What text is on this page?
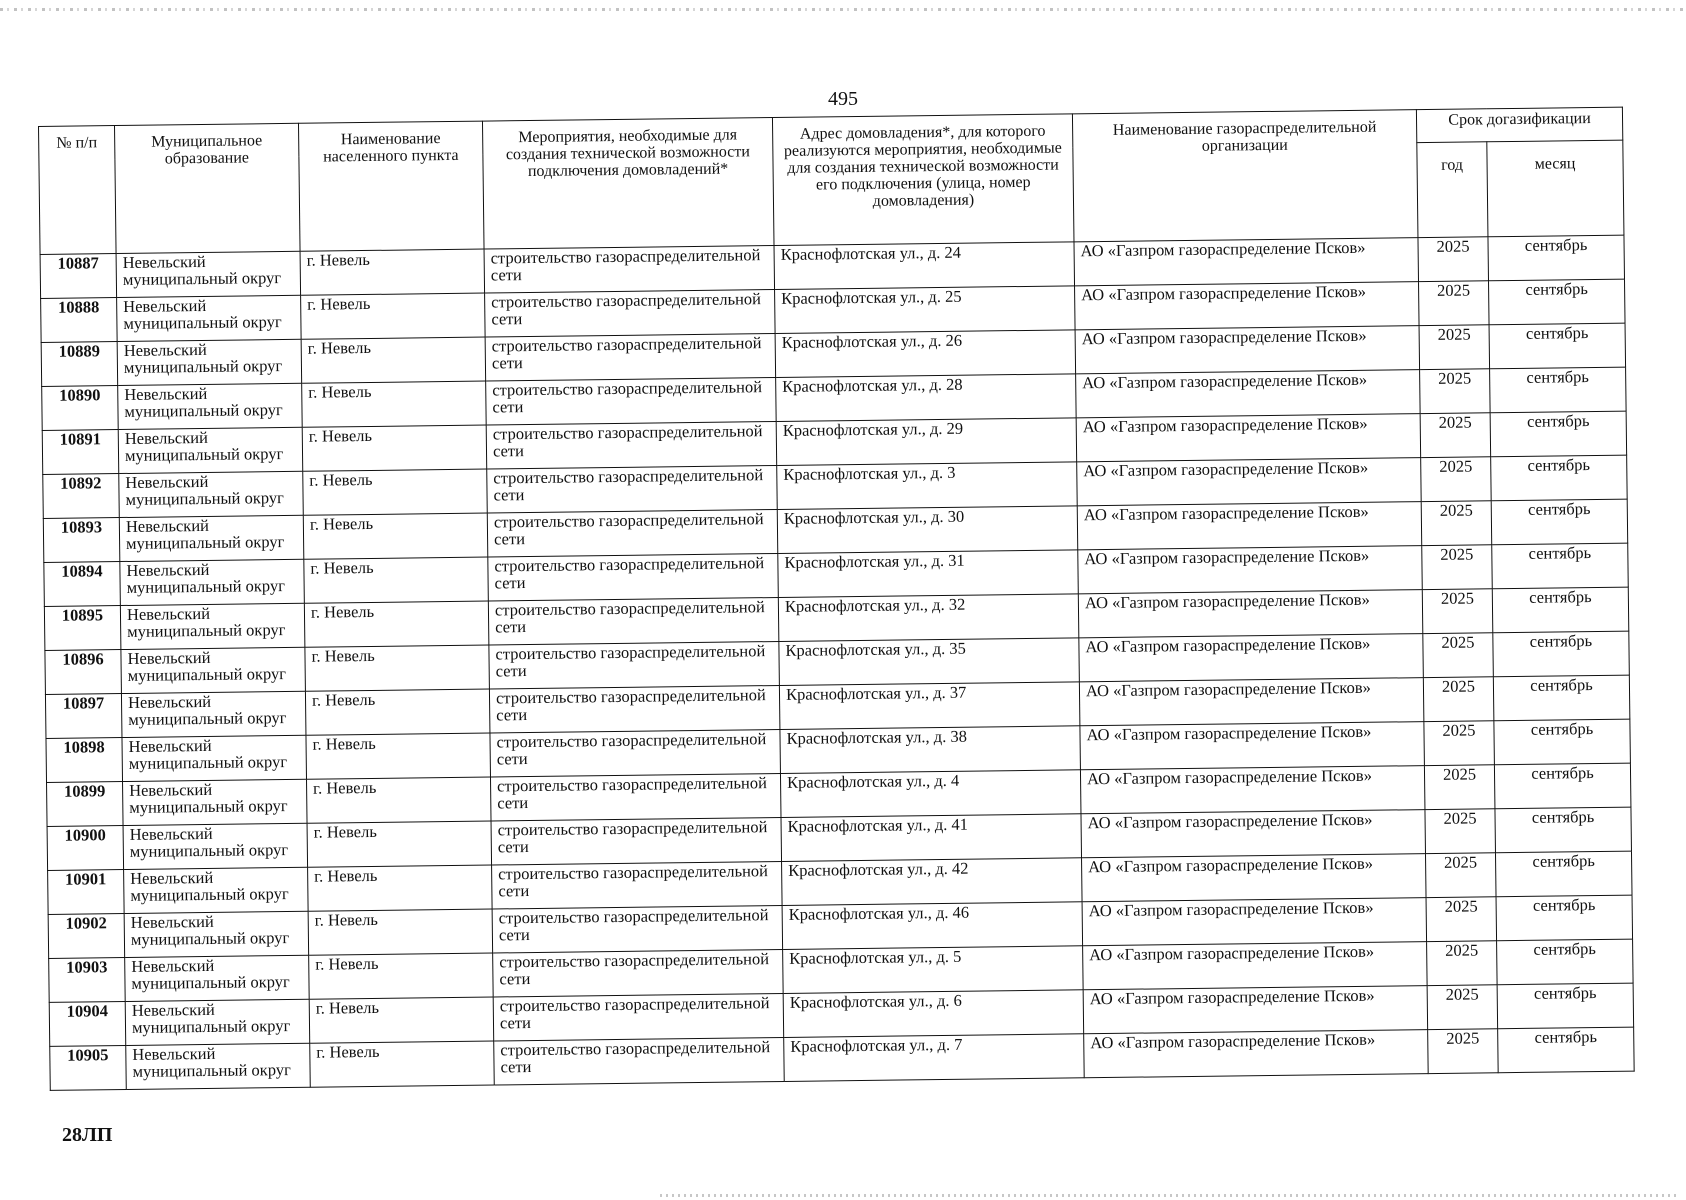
495
№ п/п	Муниципальное образование	Наименование населенного пункта	Мероприятия, необходимые для создания технической возможности подключения домовладений*	Адрес домовладения*, для которого реализуются мероприятия, необходимые для создания технической возможности его подключения (улица, номер домовладения)	Наименование газораспределительной организации	Срок догазификации	
						год	месяц
10887	Невельский муниципальный округ	г. Невель	строительство газораспределительной сети	Краснофлотская ул., д. 24	АО «Газпром газораспределение Псков»	2025	сентябрь
10888	Невельский муниципальный округ	г. Невель	строительство газораспределительной сети	Краснофлотская ул., д. 25	АО «Газпром газораспределение Псков»	2025	сентябрь
10889	Невельский муниципальный округ	г. Невель	строительство газораспределительной сети	Краснофлотская ул., д. 26	АО «Газпром газораспределение Псков»	2025	сентябрь
10890	Невельский муниципальный округ	г. Невель	строительство газораспределительной сети	Краснофлотская ул., д. 28	АО «Газпром газораспределение Псков»	2025	сентябрь
10891	Невельский муниципальный округ	г. Невель	строительство газораспределительной сети	Краснофлотская ул., д. 29	АО «Газпром газораспределение Псков»	2025	сентябрь
10892	Невельский муниципальный округ	г. Невель	строительство газораспределительной сети	Краснофлотская ул., д. 3	АО «Газпром газораспределение Псков»	2025	сентябрь
10893	Невельский муниципальный округ	г. Невель	строительство газораспределительной сети	Краснофлотская ул., д. 30	АО «Газпром газораспределение Псков»	2025	сентябрь
10894	Невельский муниципальный округ	г. Невель	строительство газораспределительной сети	Краснофлотская ул., д. 31	АО «Газпром газораспределение Псков»	2025	сентябрь
10895	Невельский муниципальный округ	г. Невель	строительство газораспределительной сети	Краснофлотская ул., д. 32	АО «Газпром газораспределение Псков»	2025	сентябрь
10896	Невельский муниципальный округ	г. Невель	строительство газораспределительной сети	Краснофлотская ул., д. 35	АО «Газпром газораспределение Псков»	2025	сентябрь
10897	Невельский муниципальный округ	г. Невель	строительство газораспределительной сети	Краснофлотская ул., д. 37	АО «Газпром газораспределение Псков»	2025	сентябрь
10898	Невельский муниципальный округ	г. Невель	строительство газораспределительной сети	Краснофлотская ул., д. 38	АО «Газпром газораспределение Псков»	2025	сентябрь
10899	Невельский муниципальный округ	г. Невель	строительство газораспределительной сети	Краснофлотская ул., д. 4	АО «Газпром газораспределение Псков»	2025	сентябрь
10900	Невельский муниципальный округ	г. Невель	строительство газораспределительной сети	Краснофлотская ул., д. 41	АО «Газпром газораспределение Псков»	2025	сентябрь
10901	Невельский муниципальный округ	г. Невель	строительство газораспределительной сети	Краснофлотская ул., д. 42	АО «Газпром газораспределение Псков»	2025	сентябрь
10902	Невельский муниципальный округ	г. Невель	строительство газораспределительной сети	Краснофлотская ул., д. 46	АО «Газпром газораспределение Псков»	2025	сентябрь
10903	Невельский муниципальный округ	г. Невель	строительство газораспределительной сети	Краснофлотская ул., д. 5	АО «Газпром газораспределение Псков»	2025	сентябрь
10904	Невельский муниципальный округ	г. Невель	строительство газораспределительной сети	Краснофлотская ул., д. 6	АО «Газпром газораспределение Псков»	2025	сентябрь
10905	Невельский муниципальный округ	г. Невель	строительство газораспределительной сети	Краснофлотская ул., д. 7	АО «Газпром газораспределение Псков»	2025	сентябрь
28ЛП
